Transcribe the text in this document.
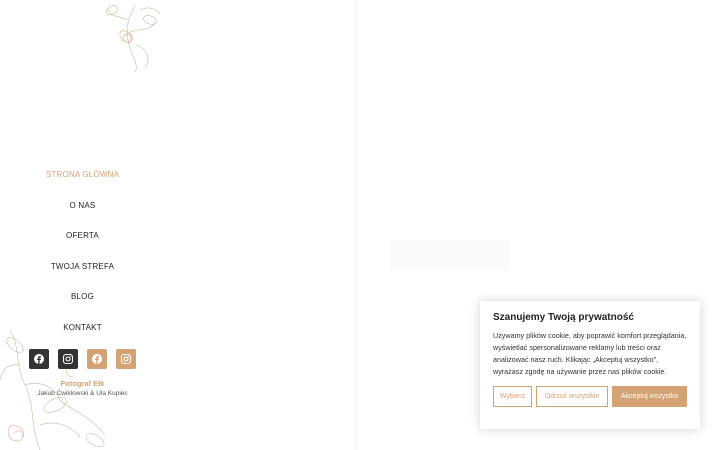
STRONA GŁÓWNA
O NAS
OFERTA
TWOJA STREFA
BLOG
KONTAKT
Fotograf Ełk
Jakub Ćwiklowski & Ula Kupiec
Szanujemy Twoją prywatność
Używamy plików cookie, aby poprawić komfort przeglądania, wyświetlać spersonalizowane reklamy lub treści oraz analizować nasz ruch. Klikając „Akceptuj wszystko”, wyrażasz zgodę na używanie przez nas plików cookie.
Wybierz	Odrzuć wszystkie	Akceptuj wszystko
